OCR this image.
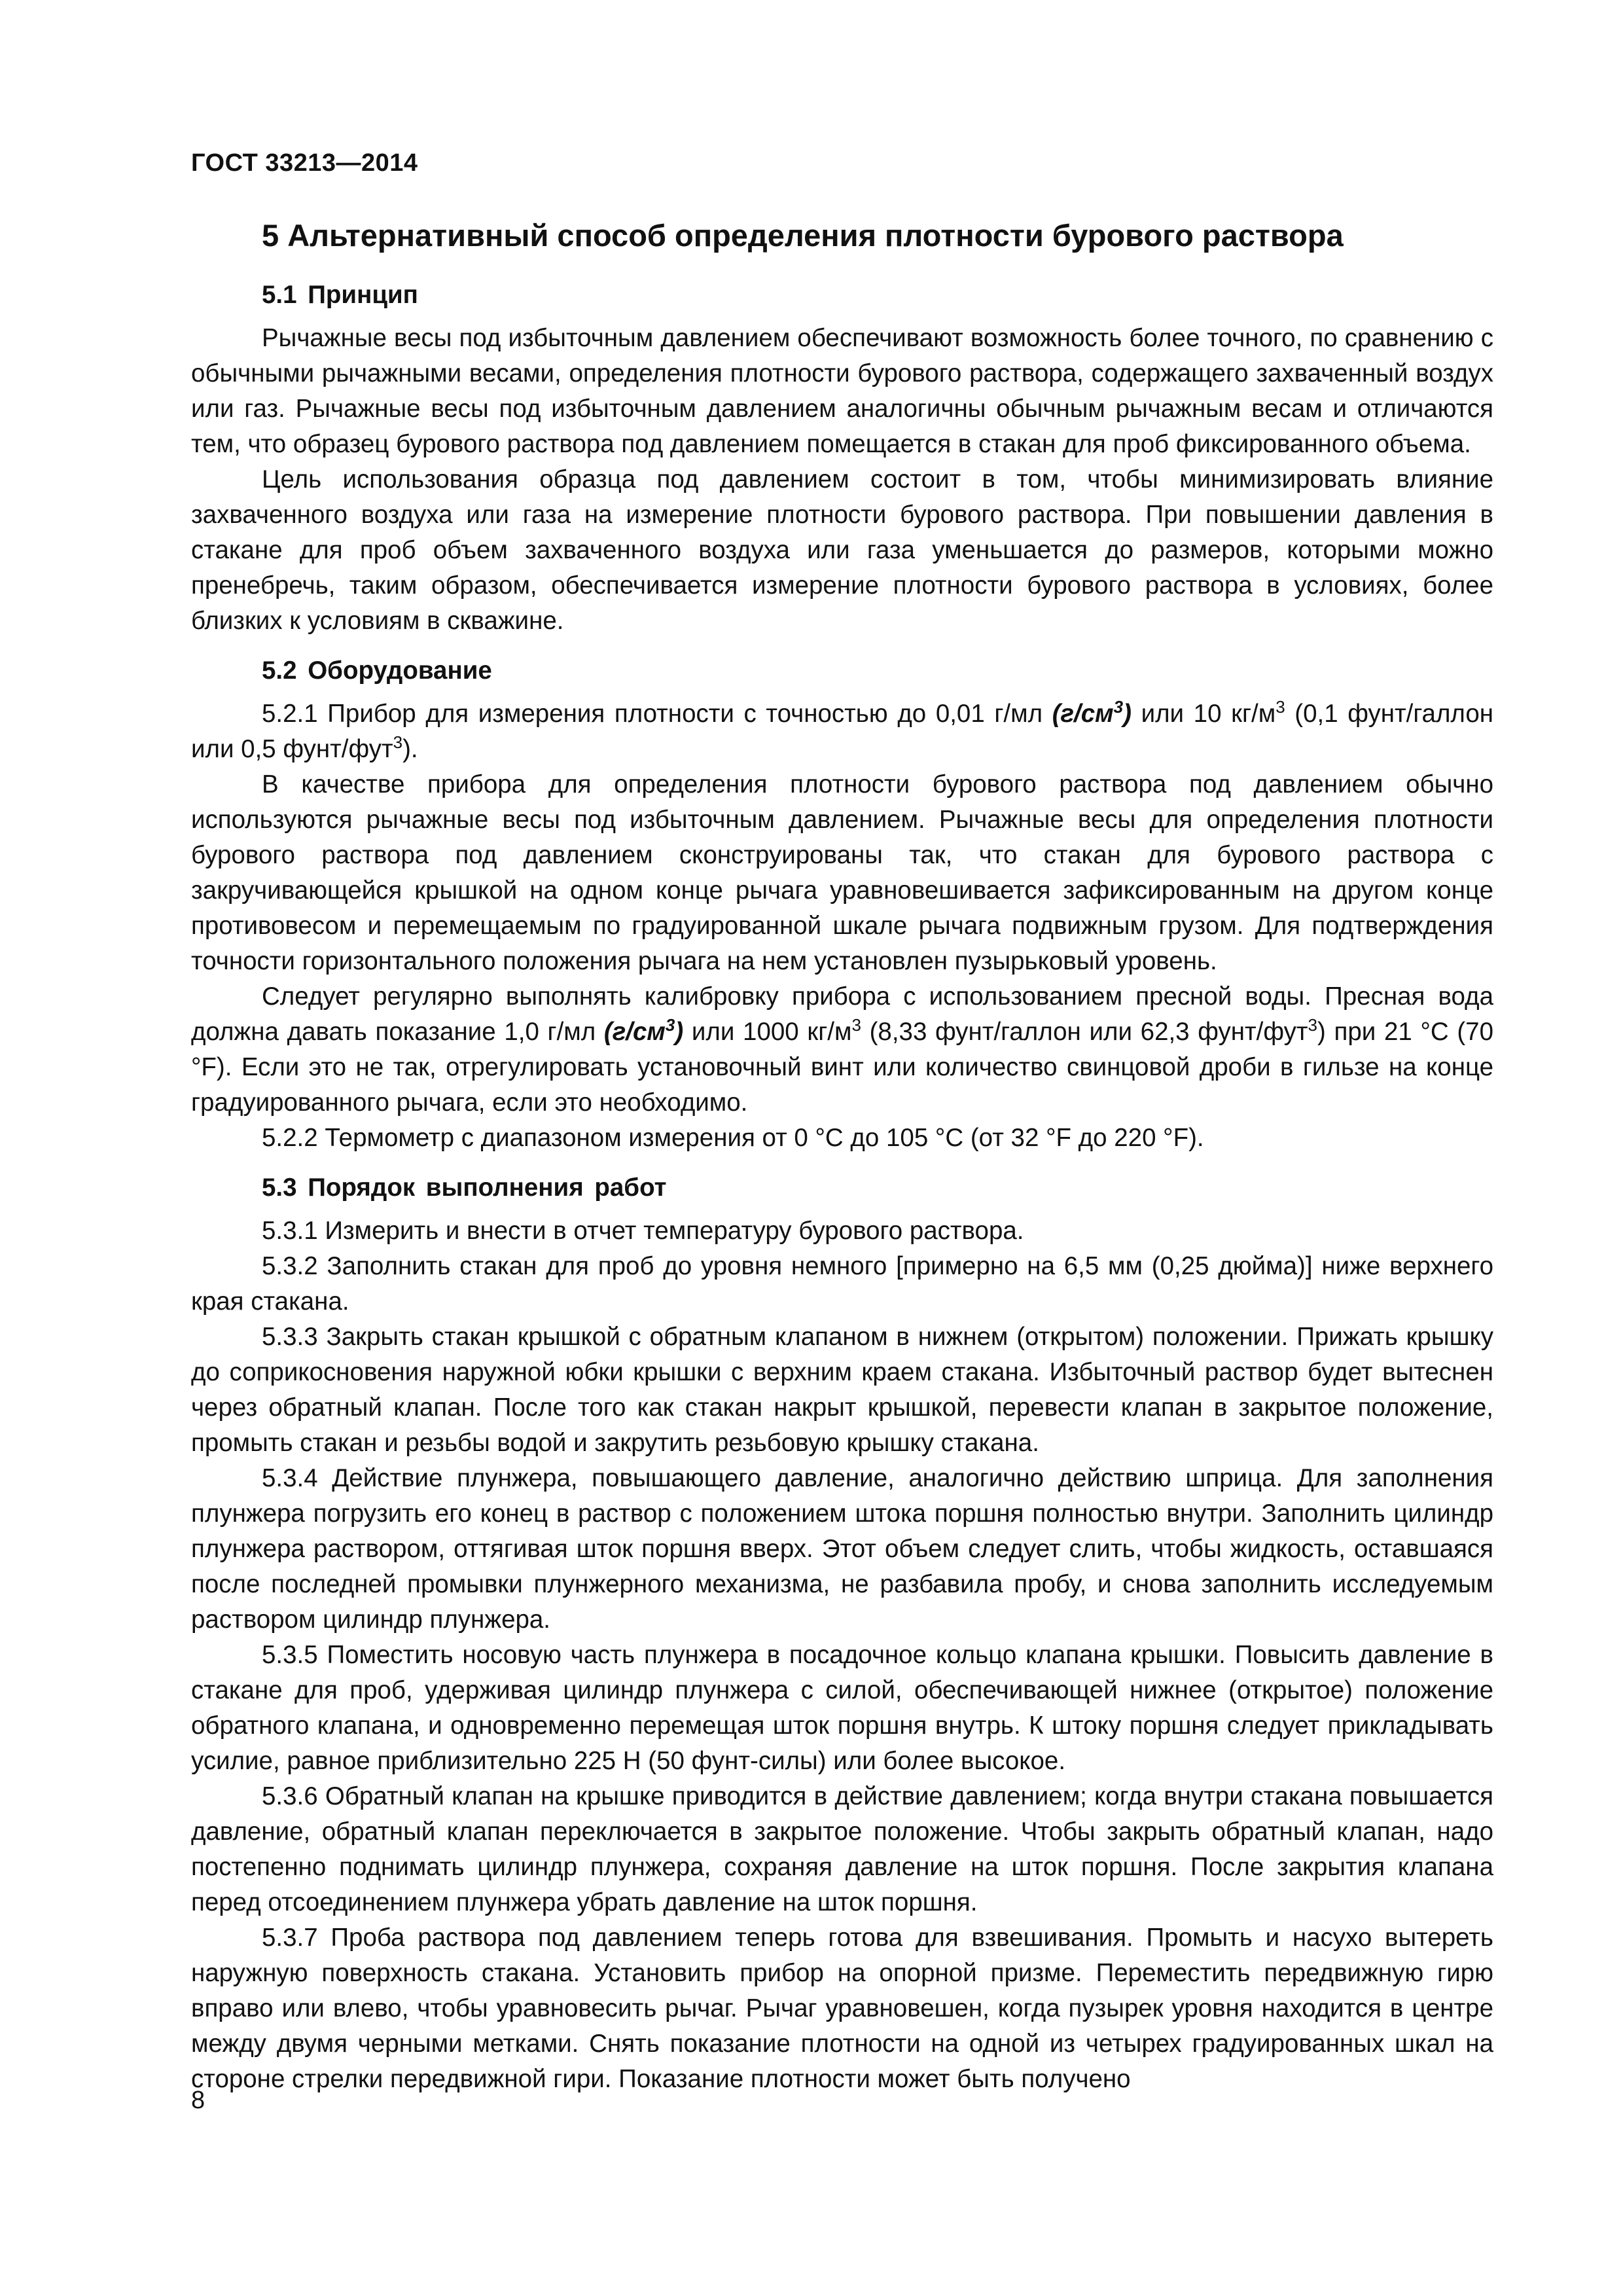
ГОСТ 33213—2014
5 Альтернативный способ определения плотности бурового раствора
5.1 Принцип

Рычажные весы под избыточным давлением обеспечивают возможность более точного, по сравнению с обычными рычажными весами, определения плотности бурового раствора, содержащего захваченный воздух или газ. Рычажные весы под избыточным давлением аналогичны обычным рычажным весам и отличаются тем, что образец бурового раствора под давлением помещается в стакан для проб фиксированного объема.

Цель использования образца под давлением состоит в том, чтобы минимизировать влияние захваченного воздуха или газа на измерение плотности бурового раствора. При повышении давления в стакане для проб объем захваченного воздуха или газа уменьшается до размеров, которыми можно пренебречь, таким образом, обеспечивается измерение плотности бурового раствора в условиях, более близких к условиям в скважине.

5.2 Оборудование

5.2.1 Прибор для измерения плотности с точностью до 0,01 г/мл $(г/см^3)$ или 10 $кг/м^3$ (0,1 фунт/галлон или 0,5 фунт/фут$^3$).

В качестве прибора для определения плотности бурового раствора под давлением обычно используются рычажные весы под избыточным давлением. Рычажные весы для определения плотности бурового раствора под давлением сконструированы так, что стакан для бурового раствора с закручивающейся крышкой на одном конце рычага уравновешивается зафиксированным на другом конце противовесом и перемещаемым по градуированной шкале рычага подвижным грузом. Для подтверждения точности горизонтального положения рычага на нем установлен пузырьковый уровень.

Следует регулярно выполнять калибровку прибора с использованием пресной воды. Пресная вода должна давать показание 1,0 г/мл $(г/см^3)$ или 1000 $кг/м^3$ (8,33 фунт/галлон или 62,3 фунт/фут$^3$) при 21 °С (70 °F). Если это не так, отрегулировать установочный винт или количество свинцовой дроби в гильзе на конце градуированного рычага, если это необходимо.

5.2.2 Термометр с диапазоном измерения от 0 °С до 105 °С (от 32 °F до 220 °F).

5.3 Порядок выполнения работ

5.3.1 Измерить и внести в отчет температуру бурового раствора.

5.3.2 Заполнить стакан для проб до уровня немного [примерно на 6,5 мм (0,25 дюйма)] ниже верхнего края стакана.

5.3.3 Закрыть стакан крышкой с обратным клапаном в нижнем (открытом) положении. Прижать крышку до соприкосновения наружной юбки крышки с верхним краем стакана. Избыточный раствор будет вытеснен через обратный клапан. После того как стакан накрыт крышкой, перевести клапан в закрытое положение, промыть стакан и резьбы водой и закрутить резьбовую крышку стакана.

5.3.4 Действие плунжера, повышающего давление, аналогично действию шприца. Для заполнения плунжера погрузить его конец в раствор с положением штока поршня полностью внутри. Заполнить цилиндр плунжера раствором, оттягивая шток поршня вверх. Этот объем следует слить, чтобы жидкость, оставшаяся после последней промывки плунжерного механизма, не разбавила пробу, и снова заполнить исследуемым раствором цилиндр плунжера.

5.3.5 Поместить носовую часть плунжера в посадочное кольцо клапана крышки. Повысить давление в стакане для проб, удерживая цилиндр плунжера с силой, обеспечивающей нижнее (открытое) положение обратного клапана, и одновременно перемещая шток поршня внутрь. К штоку поршня следует прикладывать усилие, равное приблизительно 225 Н (50 фунт-силы) или более высокое.

5.3.6 Обратный клапан на крышке приводится в действие давлением; когда внутри стакана повышается давление, обратный клапан переключается в закрытое положение. Чтобы закрыть обратный клапан, надо постепенно поднимать цилиндр плунжера, сохраняя давление на шток поршня. После закрытия клапана перед отсоединением плунжера убрать давление на шток поршня.

5.3.7 Проба раствора под давлением теперь готова для взвешивания. Промыть и насухо вытереть наружную поверхность стакана. Установить прибор на опорной призме. Переместить передвижную гирю вправо или влево, чтобы уравновесить рычаг. Рычаг уравновешен, когда пузырек уровня находится в центре между двумя черными метками. Снять показание плотности на одной из четырех градуированных шкал на стороне стрелки передвижной гири. Показание плотности может быть получено

8
